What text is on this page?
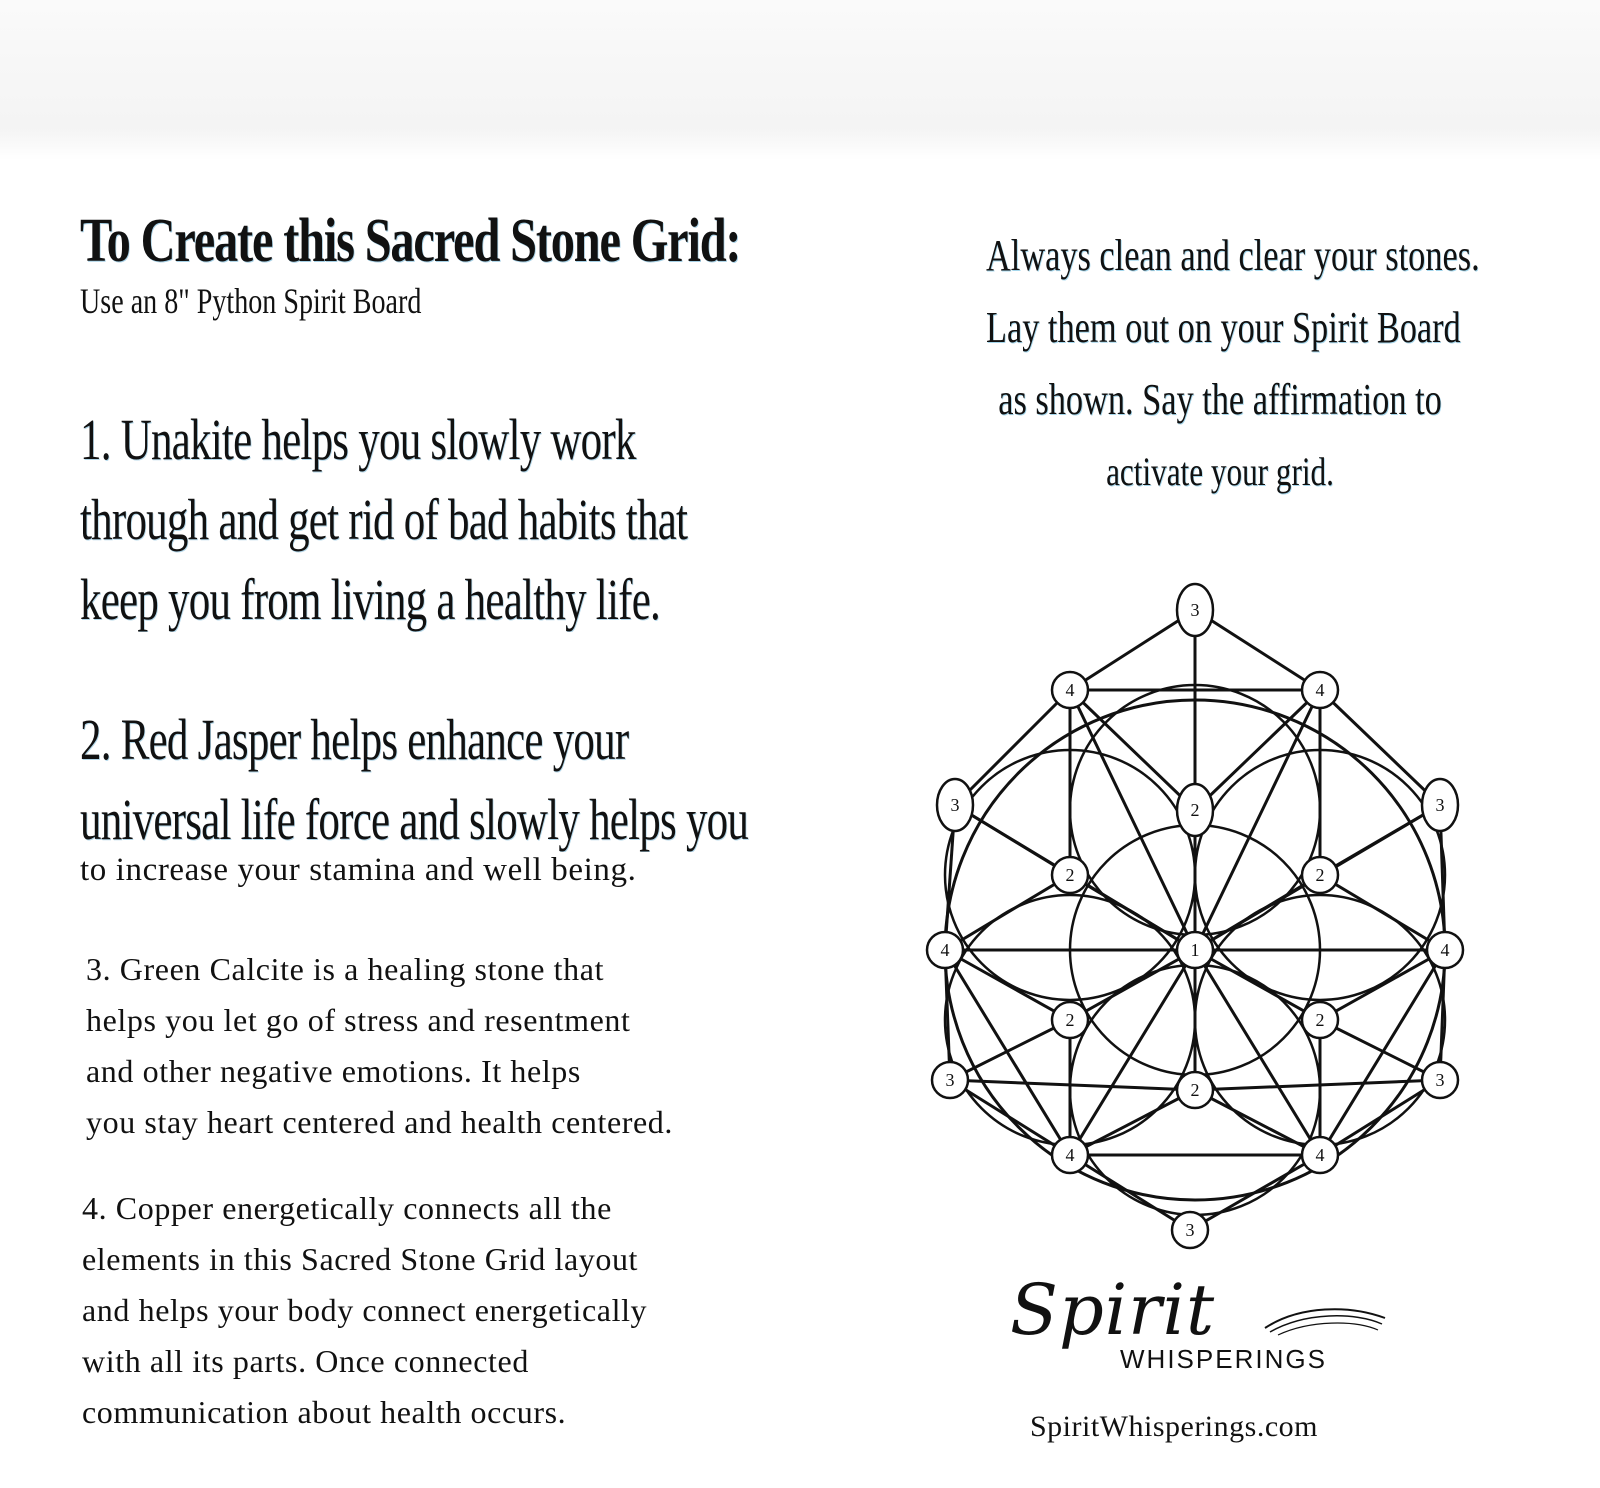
To Create this Sacred Stone Grid:
Use an 8" Python Spirit Board
1. Unakite helps you slowly work
through and get rid of bad habits that
keep you from living a healthy life.
2. Red Jasper helps enhance your
universal life force and slowly helps you
to increase your stamina and well being.
3. Green Calcite is a healing stone that
helps you let go of stress and resentment
and other negative emotions. It helps
you stay heart centered and health centered.
4. Copper energetically connects all the
elements in this Sacred Stone Grid layout
and helps your body connect energetically
with all its parts. Once connected
communication about health occurs.
Always clean and clear your stones.
Lay them out on your Spirit Board
as shown. Say the affirmation to
activate your grid.
3
4	4
3	2	3
2	2
4	1	4
2	2
3	2	3
4	4
3
Spirit
WHISPERINGS
SpiritWhisperings.com
